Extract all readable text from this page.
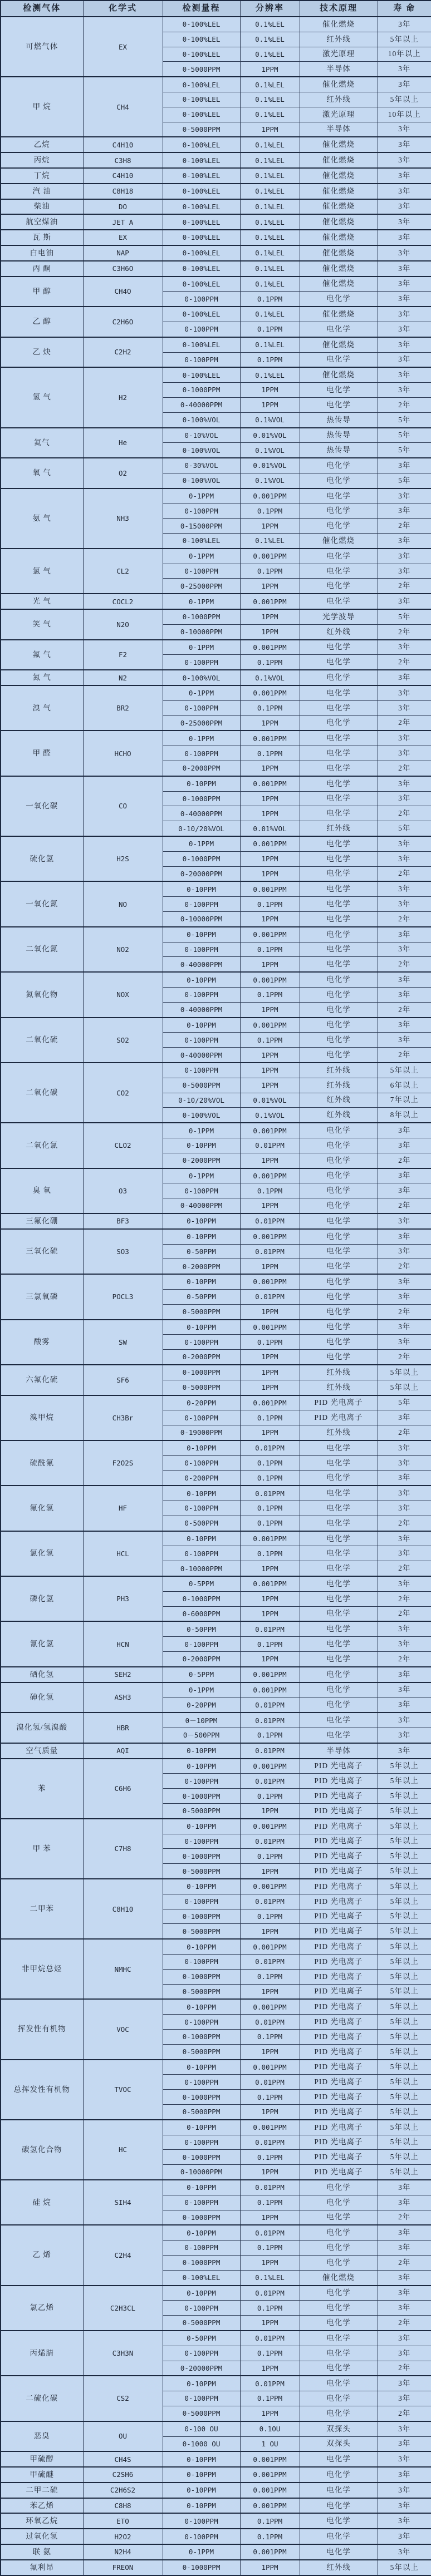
检测气体	化学式	检测量程	分辨率	技术原理	寿 命
可燃气体	EX	0-100%LEL	0.1%LEL	催化燃烧	3年
		0-100%LEL	0.1%LEL	红外线	5年以上
		0-100%LEL	0.1%LEL	激光原理	10年以上
		0-5000PPM	1PPM	半导体	3年
甲 烷	CH4	0-100%LEL	0.1%LEL	催化燃烧	3年
		0-100%LEL	0.1%LEL	红外线	5年以上
		0-100%LEL	0.1%LEL	激光原理	10年以上
		0-5000PPM	1PPM	半导体	3年
乙烷	C4H10	0-100%LEL	0.1%LEL	催化燃烧	3年
丙烷	C3H8	0-100%LEL	0.1%LEL	催化燃烧	3年
丁烷	C4H10	0-100%LEL	0.1%LEL	催化燃烧	3年
汽 油	C8H18	0-100%LEL	0.1%LEL	催化燃烧	3年
柴油	DO	0-100%LEL	0.1%LEL	催化燃烧	3年
航空煤油	JET A	0-100%LEL	0.1%LEL	催化燃烧	3年
瓦 斯	EX	0-100%LEL	0.1%LEL	催化燃烧	3年
白电油	NAP	0-100%LEL	0.1%LEL	催化燃烧	3年
丙 酮	C3H6O	0-100%LEL	0.1%LEL	催化燃烧	3年
甲 醇	CH4O	0-100%LEL	0.1%LEL	催化燃烧	3年
		0-100PPM	0.1PPM	电化学	3年
乙 醇	C2H6O	0-100%LEL	0.1%LEL	催化燃烧	3年
		0-100PPM	0.1PPM	电化学	3年
乙 炔	C2H2	0-100%LEL	0.1%LEL	催化燃烧	3年
		0-100PPM	0.1PPM	电化学	3年
氢 气	H2	0-100%LEL	0.1%LEL	催化燃烧	3年
		0-1000PPM	1PPM	电化学	3年
		0-40000PPM	1PPM	电化学	2年
		0-100%VOL	0.1%VOL	热传导	5年
氦气	He	0-10%VOL	0.01%VOL	热传导	5年
		0-100%VOL	0.1%VOL	热传导	5年
氧 气	O2	0-30%VOL	0.01%VOL	电化学	3年
		0-100%VOL	0.1%VOL	电化学	5年
氨 气	NH3	0-1PPM	0.001PPM	电化学	3年
		0-100PPM	0.1PPM	电化学	3年
		0-15000PPM	1PPM	电化学	2年
		0-100%LEL	0.1%LEL	催化燃烧	3年
氯 气	CL2	0-1PPM	0.001PPM	电化学	3年
		0-100PPM	0.1PPM	电化学	3年
		0-25000PPM	1PPM	电化学	2年
光 气	COCL2	0-1PPM	0.001PPM	电化学	3年
笑 气	N2O	0-1000PPM	1PPM	光学波导	5年
		0-10000PPM	1PPM	红外线	2年
氟 气	F2	0-1PPM	0.001PPM	电化学	3年
		0-100PPM	0.1PPM	电化学	2年
氮 气	N2	0-100%VOL	0.1%VOL	电化学	3年
溴 气	BR2	0-1PPM	0.001PPM	电化学	3年
		0-100PPM	0.1PPM	电化学	3年
		0-25000PPM	1PPM	电化学	2年
甲 醛	HCHO	0-1PPM	0.001PPM	电化学	3年
		0-100PPM	0.1PPM	电化学	3年
		0-2000PPM	1PPM	电化学	2年
一氧化碳	CO	0-10PPM	0.001PPM	电化学	3年
		0-1000PPM	1PPM	电化学	3年
		0-40000PPM	1PPM	电化学	2年
		0-10/20%VOL	0.01%VOL	红外线	5年
硫化氢	H2S	0-1PPM	0.001PPM	电化学	3年
		0-1000PPM	1PPM	电化学	3年
		0-20000PPM	1PPM	电化学	2年
一氧化氮	NO	0-10PPM	0.001PPM	电化学	3年
		0-100PPM	0.1PPM	电化学	3年
		0-10000PPM	1PPM	电化学	2年
二氧化氮	NO2	0-10PPM	0.001PPM	电化学	3年
		0-100PPM	0.1PPM	电化学	3年
		0-40000PPM	1PPM	电化学	2年
氮氧化物	NOX	0-10PPM	0.001PPM	电化学	3年
		0-100PPM	0.1PPM	电化学	3年
		0-40000PPM	1PPM	电化学	2年
二氧化硫	SO2	0-10PPM	0.001PPM	电化学	3年
		0-100PPM	0.1PPM	电化学	3年
		0-40000PPM	1PPM	电化学	2年
二氧化碳	CO2	0-100PPM	1PPM	红外线	5年以上
		0-5000PPM	1PPM	红外线	6年以上
		0-10/20%VOL	0.01%VOL	红外线	7年以上
		0-100%VOL	0.1%VOL	红外线	8年以上
二氧化氯	CLO2	0-1PPM	0.001PPM	电化学	3年
		0-10PPM	0.01PPM	电化学	3年
		0-2000PPM	1PPM	电化学	2年
臭 氧	O3	0-1PPM	0.001PPM	电化学	3年
		0-100PPM	0.1PPM	电化学	3年
		0-40000PPM	1PPM	电化学	2年
三氟化硼	BF3	0-10PPM	0.01PPM	电化学	3年
三氧化硫	SO3	0-10PPM	0.001PPM	电化学	3年
		0-50PPM	0.01PPM	电化学	3年
		0-2000PPM	1PPM	电化学	2年
三氯氧磷	POCL3	0-10PPM	0.001PPM	电化学	3年
		0-50PPM	0.01PPM	电化学	3年
		0-5000PPM	1PPM	电化学	2年
酸雾	SW	0-10PPM	0.001PPM	电化学	3年
		0-100PPM	0.1PPM	电化学	3年
		0-2000PPM	1PPM	电化学	2年
六氟化硫	SF6	0-1000PPM	1PPM	红外线	5年以上
		0-5000PPM	1PPM	红外线	5年以上
溴甲烷	CH3Br	0-20PPM	0.001PPM	PID 光电离子	5年
		0-100PPM	0.1PPM	PID 光电离子	3年
		0-19000PPM	1PPM	红外线	2年
硫酰氟	F2O2S	0-10PPM	0.01PPM	电化学	3年
		0-100PPM	0.1PPM	电化学	3年
		0-200PPM	0.1PPM	电化学	3年
氟化氢	HF	0-10PPM	0.01PPM	电化学	3年
		0-100PPM	0.1PPM	电化学	3年
		0-500PPM	0.1PPM	电化学	2年
氯化氢	HCL	0-10PPM	0.001PPM	电化学	3年
		0-100PPM	0.1PPM	电化学	3年
		0-10000PPM	1PPM	电化学	2年
磷化氢	PH3	0-5PPM	0.001PPM	电化学	3年
		0-1000PPM	1PPM	电化学	2年
		0-6000PPM	1PPM	电化学	2年
氰化氢	HCN	0-50PPM	0.01PPM	电化学	3年
		0-100PPM	0.1PPM	电化学	3年
		0-2000PPM	1PPM	电化学	2年
硒化氢	SEH2	0-5PPM	0.001PPM	电化学	3年
砷化氢	ASH3	0-1PPM	0.001PPM	电化学	3年
		0-20PPM	0.01PPM	电化学	3年
溴化氢/氢溴酸	HBR	0－10PPM	0.01PPM	电化学	3年
		0－500PPM	0.1PPM	电化学	3年
空气质量	AQI	0-10PPM	0.01PPM	半导体	3年
苯	C6H6	0-10PPM	0.001PPM	PID 光电离子	5年以上
		0-100PPM	0.01PPM	PID 光电离子	5年以上
		0-1000PPM	0.1PPM	PID 光电离子	5年以上
		0-5000PPM	1PPM	PID 光电离子	5年以上
甲 苯	C7H8	0-10PPM	0.001PPM	PID 光电离子	5年以上
		0-100PPM	0.01PPM	PID 光电离子	5年以上
		0-1000PPM	0.1PPM	PID 光电离子	5年以上
		0-5000PPM	1PPM	PID 光电离子	5年以上
二甲苯	C8H10	0-10PPM	0.001PPM	PID 光电离子	5年以上
		0-100PPM	0.01PPM	PID 光电离子	5年以上
		0-1000PPM	0.1PPM	PID 光电离子	5年以上
		0-5000PPM	1PPM	PID 光电离子	5年以上
非甲烷总烃	NMHC	0-10PPM	0.001PPM	PID 光电离子	5年以上
		0-100PPM	0.01PPM	PID 光电离子	5年以上
		0-1000PPM	0.1PPM	PID 光电离子	5年以上
		0-5000PPM	1PPM	PID 光电离子	5年以上
挥发性有机物	VOC	0-10PPM	0.001PPM	PID 光电离子	5年以上
		0-100PPM	0.01PPM	PID 光电离子	5年以上
		0-1000PPM	0.1PPM	PID 光电离子	5年以上
		0-5000PPM	1PPM	PID 光电离子	5年以上
总挥发性有机物	TVOC	0-10PPM	0.001PPM	PID 光电离子	5年以上
		0-100PPM	0.01PPM	PID 光电离子	5年以上
		0-1000PPM	0.1PPM	PID 光电离子	5年以上
		0-5000PPM	1PPM	PID 光电离子	5年以上
碳氢化合物	HC	0-10PPM	0.001PPM	PID 光电离子	5年以上
		0-100PPM	0.01PPM	PID 光电离子	5年以上
		0-1000PPM	0.1PPM	PID 光电离子	5年以上
		0-10000PPM	1PPM	PID 光电离子	5年以上
硅 烷	SIH4	0-10PPM	0.01PPM	电化学	3年
		0-100PPM	0.1PPM	电化学	3年
		0-1000PPM	1PPM	电化学	2年
乙 烯	C2H4	0-10PPM	0.01PPM	电化学	3年
		0-100PPM	0.1PPM	电化学	3年
		0-1000PPM	1PPM	电化学	2年
		0-100%LEL	0.1%LEL	催化燃烧	3年
氯乙烯	C2H3CL	0-10PPM	0.01PPM	电化学	3年
		0-100PPM	0.1PPM	电化学	3年
		0-5000PPM	1PPM	电化学	2年
丙烯腈	C3H3N	0-50PPM	0.01PPM	电化学	3年
		0-100PPM	0.1PPM	电化学	3年
		0-20000PPM	1PPM	电化学	2年
二硫化碳	CS2	0-10PPM	0.01PPM	电化学	3年
		0-100PPM	0.1PPM	电化学	3年
		0-5000PPM	1PPM	电化学	2年
恶臭	OU	0-100 OU	0.1OU	双探头	3年
		0-1000 OU	1 OU	双探头	3年
甲硫醇	CH4S	0-10PPM	0.001PPM	电化学	3年
甲硫醚	C2SH6	0-10PPM	0.001PPM	电化学	3年
二甲二硫	C2H6S2	0-10PPM	0.001PPM	电化学	3年
苯乙烯	C8H8	0-10PPM	0.001PPM	电化学	3年
环氧乙烷	ETO	0-100PPM	0.1PPM	电化学	3年
过氧化氢	H2O2	0-100PPM	0.1PPM	电化学	3年
联 氨	N2H4	0-1PPM	0.001PPM	电化学	3年
氟利昂	FREON	0-1000PPM	1PPM	红外线	5年以上
